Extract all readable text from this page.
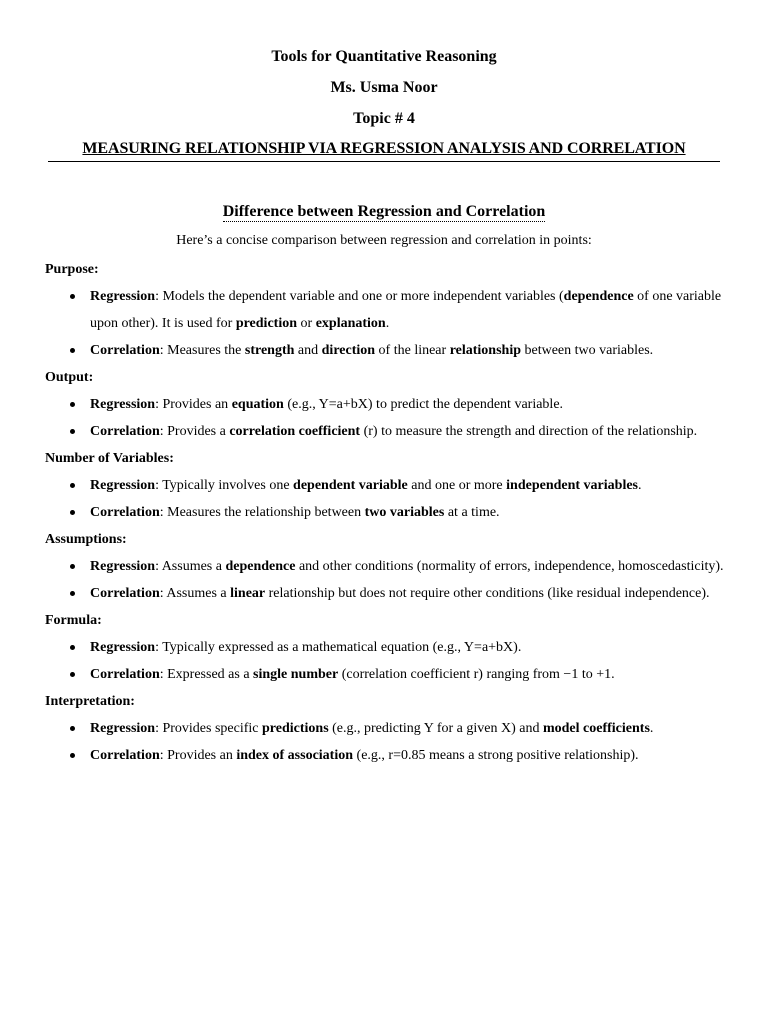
Tools for Quantitative Reasoning
Ms. Usma Noor
Topic # 4
MEASURING RELATIONSHIP VIA REGRESSION ANALYSIS AND CORRELATION
Difference between Regression and Correlation
Here’s a concise comparison between regression and correlation in points:
Purpose:
Regression: Models the dependent variable and one or more independent variables (dependence of one variable upon other). It is used for prediction or explanation.
Correlation: Measures the strength and direction of the linear relationship between two variables.
Output:
Regression: Provides an equation (e.g., Y=a+bX) to predict the dependent variable.
Correlation: Provides a correlation coefficient (r) to measure the strength and direction of the relationship.
Number of Variables:
Regression: Typically involves one dependent variable and one or more independent variables.
Correlation: Measures the relationship between two variables at a time.
Assumptions:
Regression: Assumes a dependence and other conditions (normality of errors, independence, homoscedasticity).
Correlation: Assumes a linear relationship but does not require other conditions (like residual independence).
Formula:
Regression: Typically expressed as a mathematical equation (e.g., Y=a+bX).
Correlation: Expressed as a single number (correlation coefficient r) ranging from −1 to +1.
Interpretation:
Regression: Provides specific predictions (e.g., predicting Y for a given X) and model coefficients.
Correlation: Provides an index of association (e.g., r=0.85 means a strong positive relationship).
